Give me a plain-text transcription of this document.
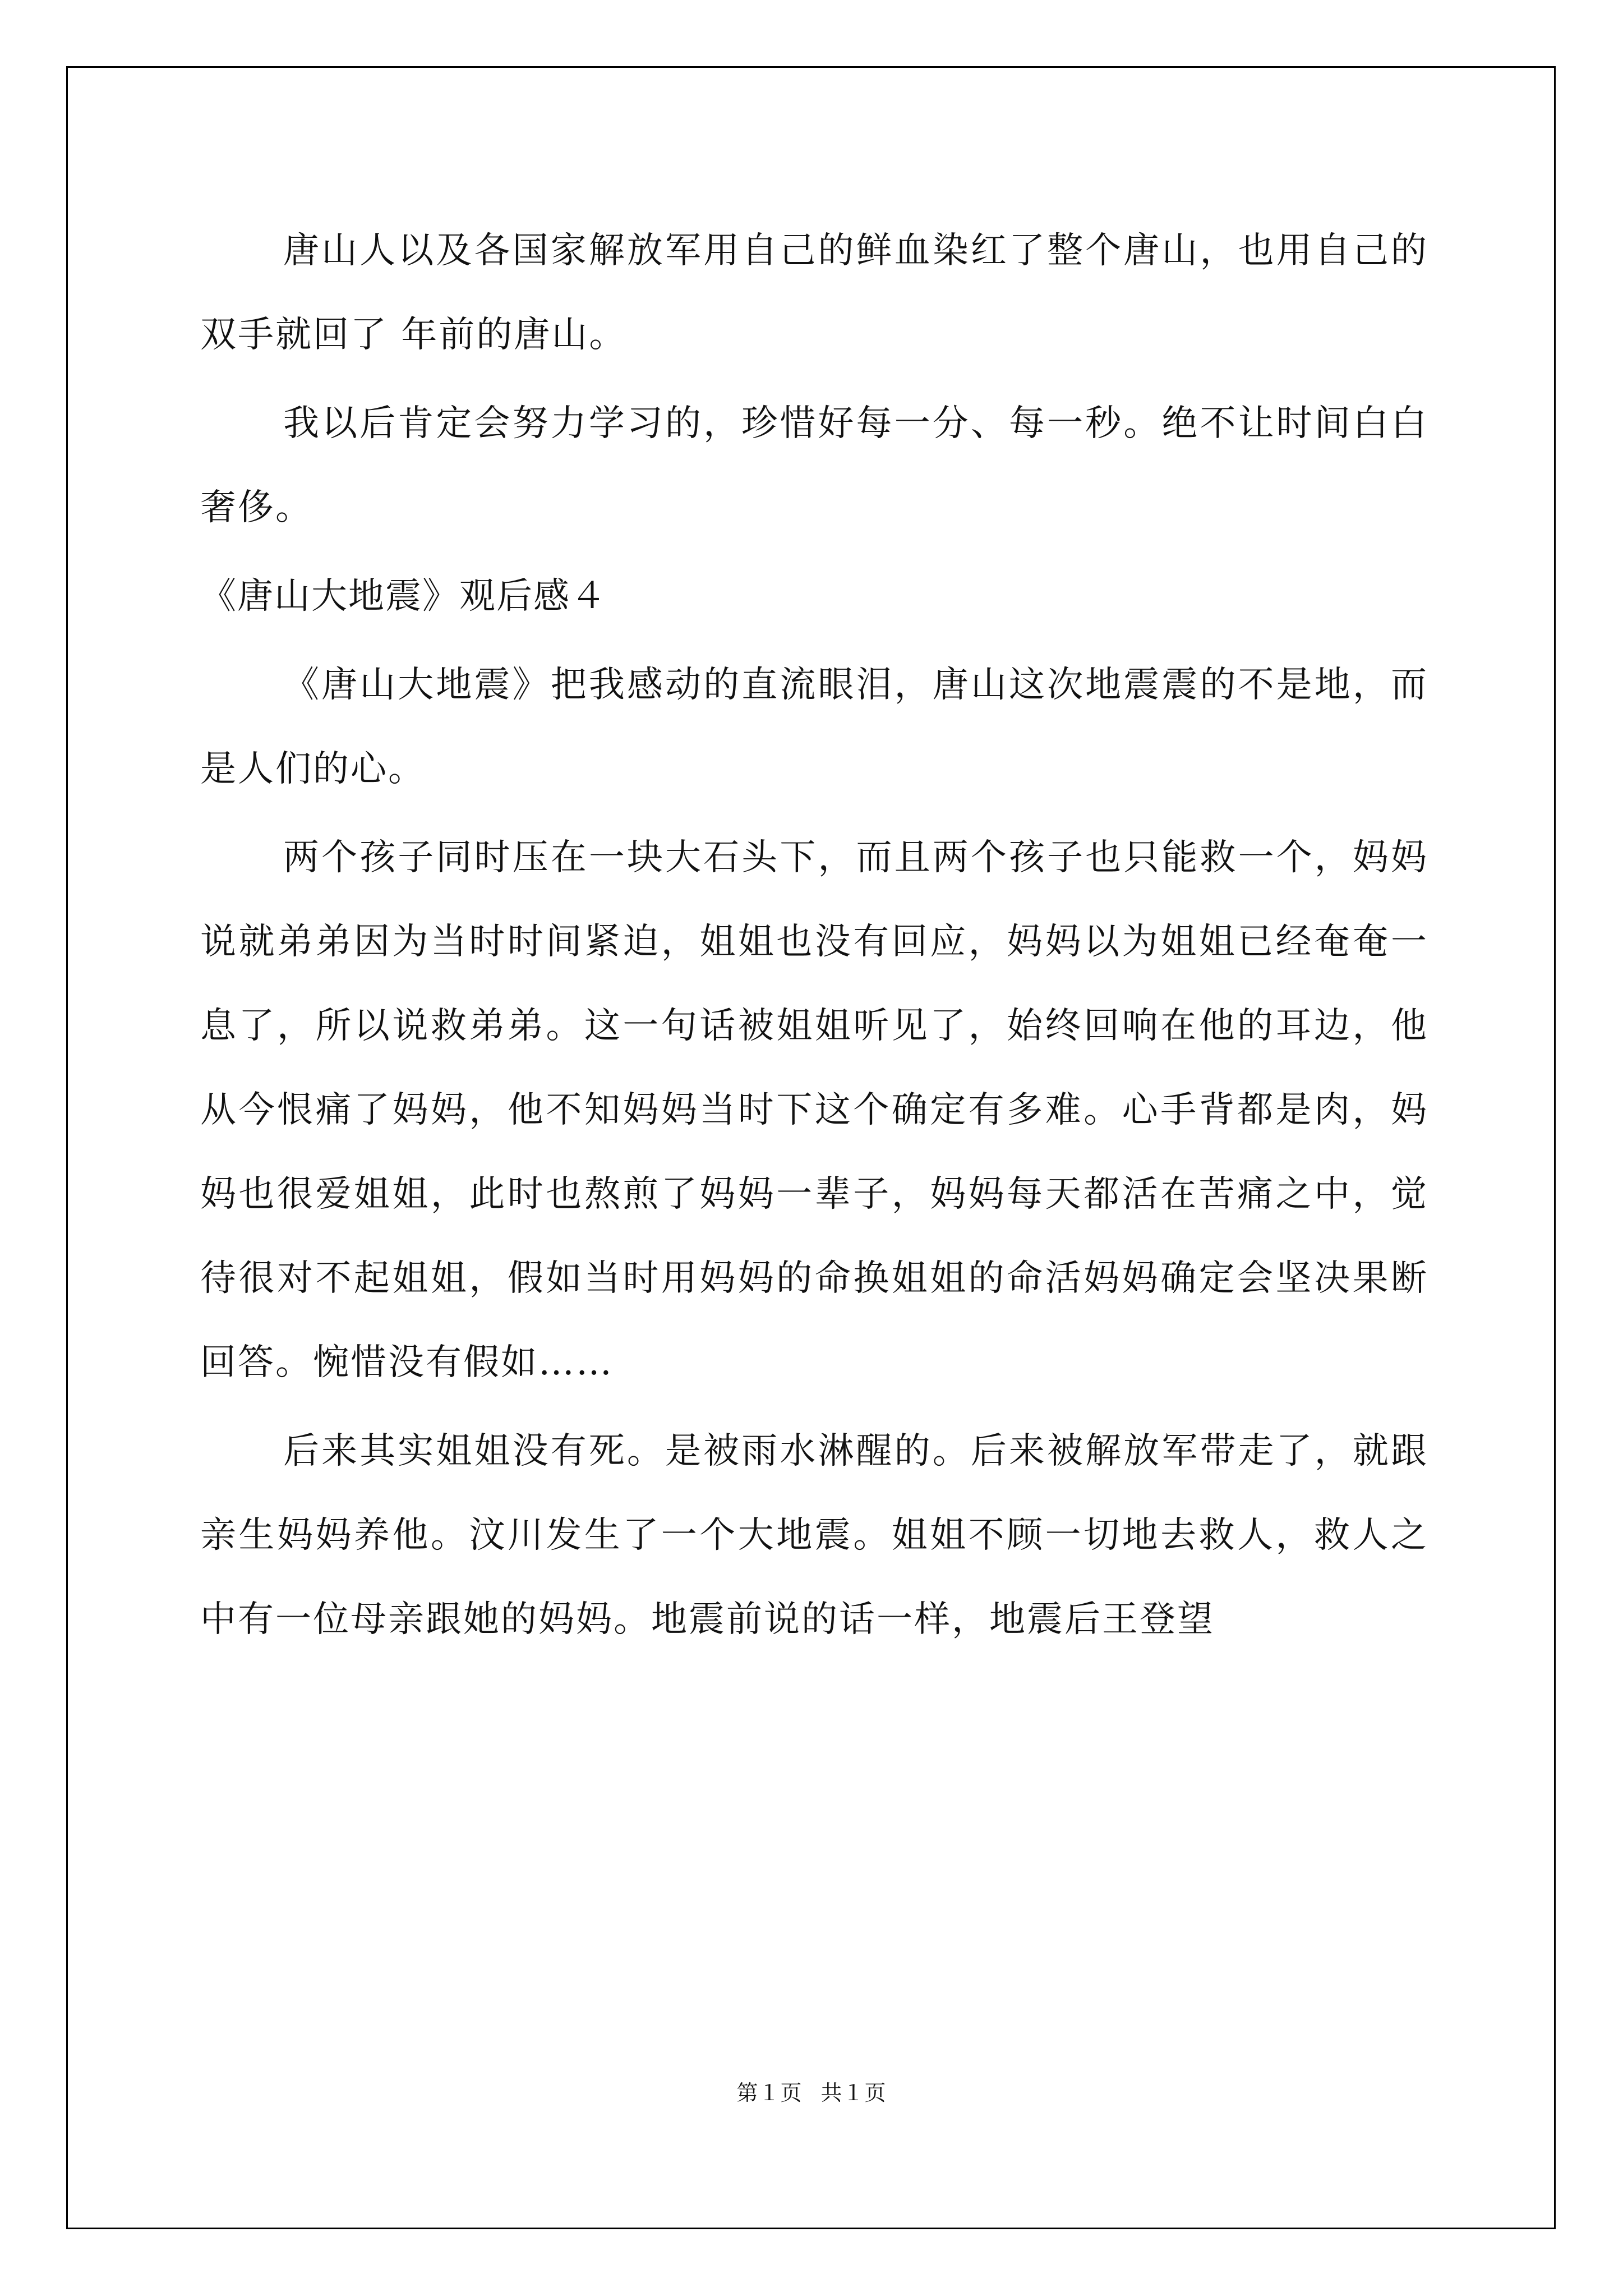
唐山人以及各国家解放军用自己的鲜血染红了整个唐山，也用自己的双手就回了 年前的唐山。

我以后肯定会努力学习的，珍惜好每一分、每一秒。绝不让时间白白奢侈。

《唐山大地震》观后感４

《唐山大地震》把我感动的直流眼泪，唐山这次地震震的不是地，而是人们的心。

两个孩子同时压在一块大石头下，而且两个孩子也只能救一个，妈妈说就弟弟因为当时时间紧迫，姐姐也没有回应，妈妈以为姐姐已经奄奄一息了，所以说救弟弟。这一句话被姐姐听见了，始终回响在他的耳边，他从今恨痛了妈妈，他不知妈妈当时下这个确定有多难。心手背都是肉，妈妈也很爱姐姐，此时也熬煎了妈妈一辈子，妈妈每天都活在苦痛之中，觉待很对不起姐姐，假如当时用妈妈的命换姐姐的命活妈妈确定会坚决果断回答。惋惜没有假如……

后来其实姐姐没有死。是被雨水淋醒的。后来被解放军带走了，就跟亲生妈妈养他。汶川发生了一个大地震。姐姐不顾一切地去救人，救人之中有一位母亲跟她的妈妈。地震前说的话一样，地震后王登望

第１页 共１页
